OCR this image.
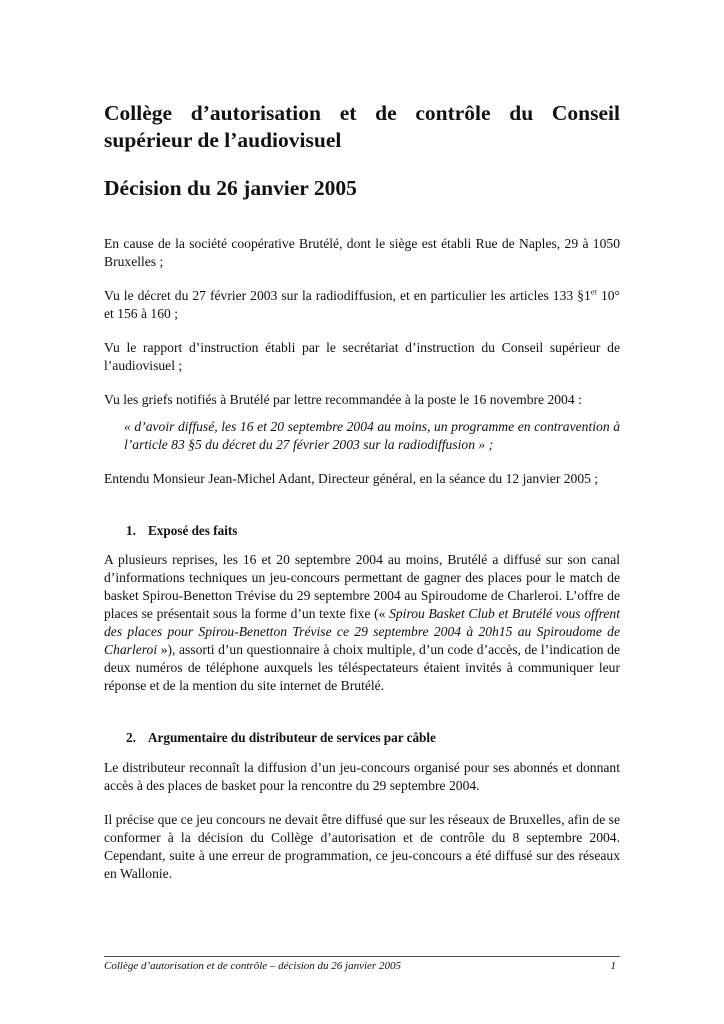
Collège d’autorisation et de contrôle du Conseil supérieur de l’audiovisuel
Décision du 26 janvier 2005

En cause de la société coopérative Brutélé, dont le siège est établi Rue de Naples, 29 à 1050 Bruxelles ;

Vu le décret du 27 février 2003 sur la radiodiffusion, et en particulier les articles 133 §1er 10° et 156 à 160 ;

Vu le rapport d’instruction établi par le secrétariat d’instruction du Conseil supérieur de l’audiovisuel ;

Vu les griefs notifiés à Brutélé par lettre recommandée à la poste le 16 novembre 2004 :

« d’avoir diffusé, les 16 et 20 septembre 2004 au moins, un programme en contravention à l’article 83 §5 du décret du 27 février 2003 sur la radiodiffusion » ;

Entendu Monsieur Jean-Michel Adant, Directeur général, en la séance du 12 janvier 2005 ;

1. Exposé des faits

A plusieurs reprises, les 16 et 20 septembre 2004 au moins, Brutélé a diffusé sur son canal d’informations techniques un jeu-concours permettant de gagner des places pour le match de basket Spirou-Benetton Trévise du 29 septembre 2004 au Spiroudome de Charleroi. L’offre de places se présentait sous la forme d’un texte fixe (« Spirou Basket Club et Brutélé vous offrent des places pour Spirou-Benetton Trévise ce 29 septembre 2004 à 20h15 au Spiroudome de Charleroi »), assorti d’un questionnaire à choix multiple, d’un code d’accès, de l’indication de deux numéros de téléphone auxquels les téléspectateurs étaient invités à communiquer leur réponse et de la mention du site internet de Brutélé.

2. Argumentaire du distributeur de services par câble

Le distributeur reconnaît la diffusion d’un jeu-concours organisé pour ses abonnés et donnant accès à des places de basket pour la rencontre du 29 septembre 2004.

Il précise que ce jeu concours ne devait être diffusé que sur les réseaux de Bruxelles, afin de se conformer à la décision du Collège d’autorisation et de contrôle du 8 septembre 2004. Cependant, suite à une erreur de programmation, ce jeu-concours a été diffusé sur des réseaux en Wallonie.

Collège d’autorisation et de contrôle – décision du 26 janvier 2005	1
